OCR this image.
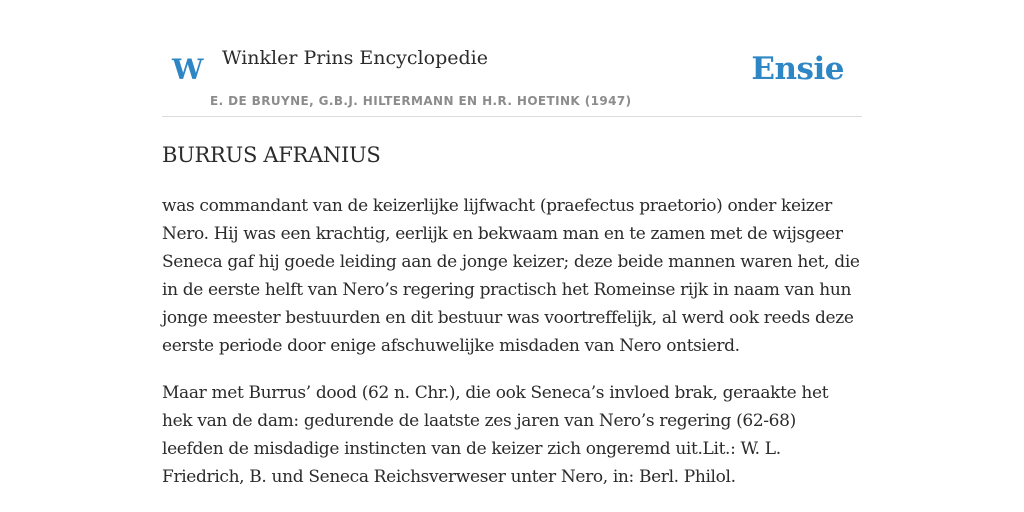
W Winkler Prins Encyclopedie
E. DE BRUYNE, G.B.J. HILTERMANN EN H.R. HOETINK (1947)
Ensie
BURRUS AFRANIUS

was commandant van de keizerlijke lijfwacht (praefectus praetorio) onder keizer
Nero. Hij was een krachtig, eerlijk en bekwaam man en te zamen met de wijsgeer
Seneca gaf hij goede leiding aan de jonge keizer; deze beide mannen waren het, die
in de eerste helft van Nero’s regering practisch het Romeinse rijk in naam van hun
jonge meester bestuurden en dit bestuur was voortreffelijk, al werd ook reeds deze
eerste periode door enige afschuwelijke misdaden van Nero ontsierd.

Maar met Burrus’ dood (62 n. Chr.), die ook Seneca’s invloed brak, geraakte het
hek van de dam: gedurende de laatste zes jaren van Nero’s regering (62-68)
leefden de misdadige instincten van de keizer zich ongeremd uit.Lit.: W. L.
Friedrich, B. und Seneca Reichsverweser unter Nero, in: Berl. Philol.
